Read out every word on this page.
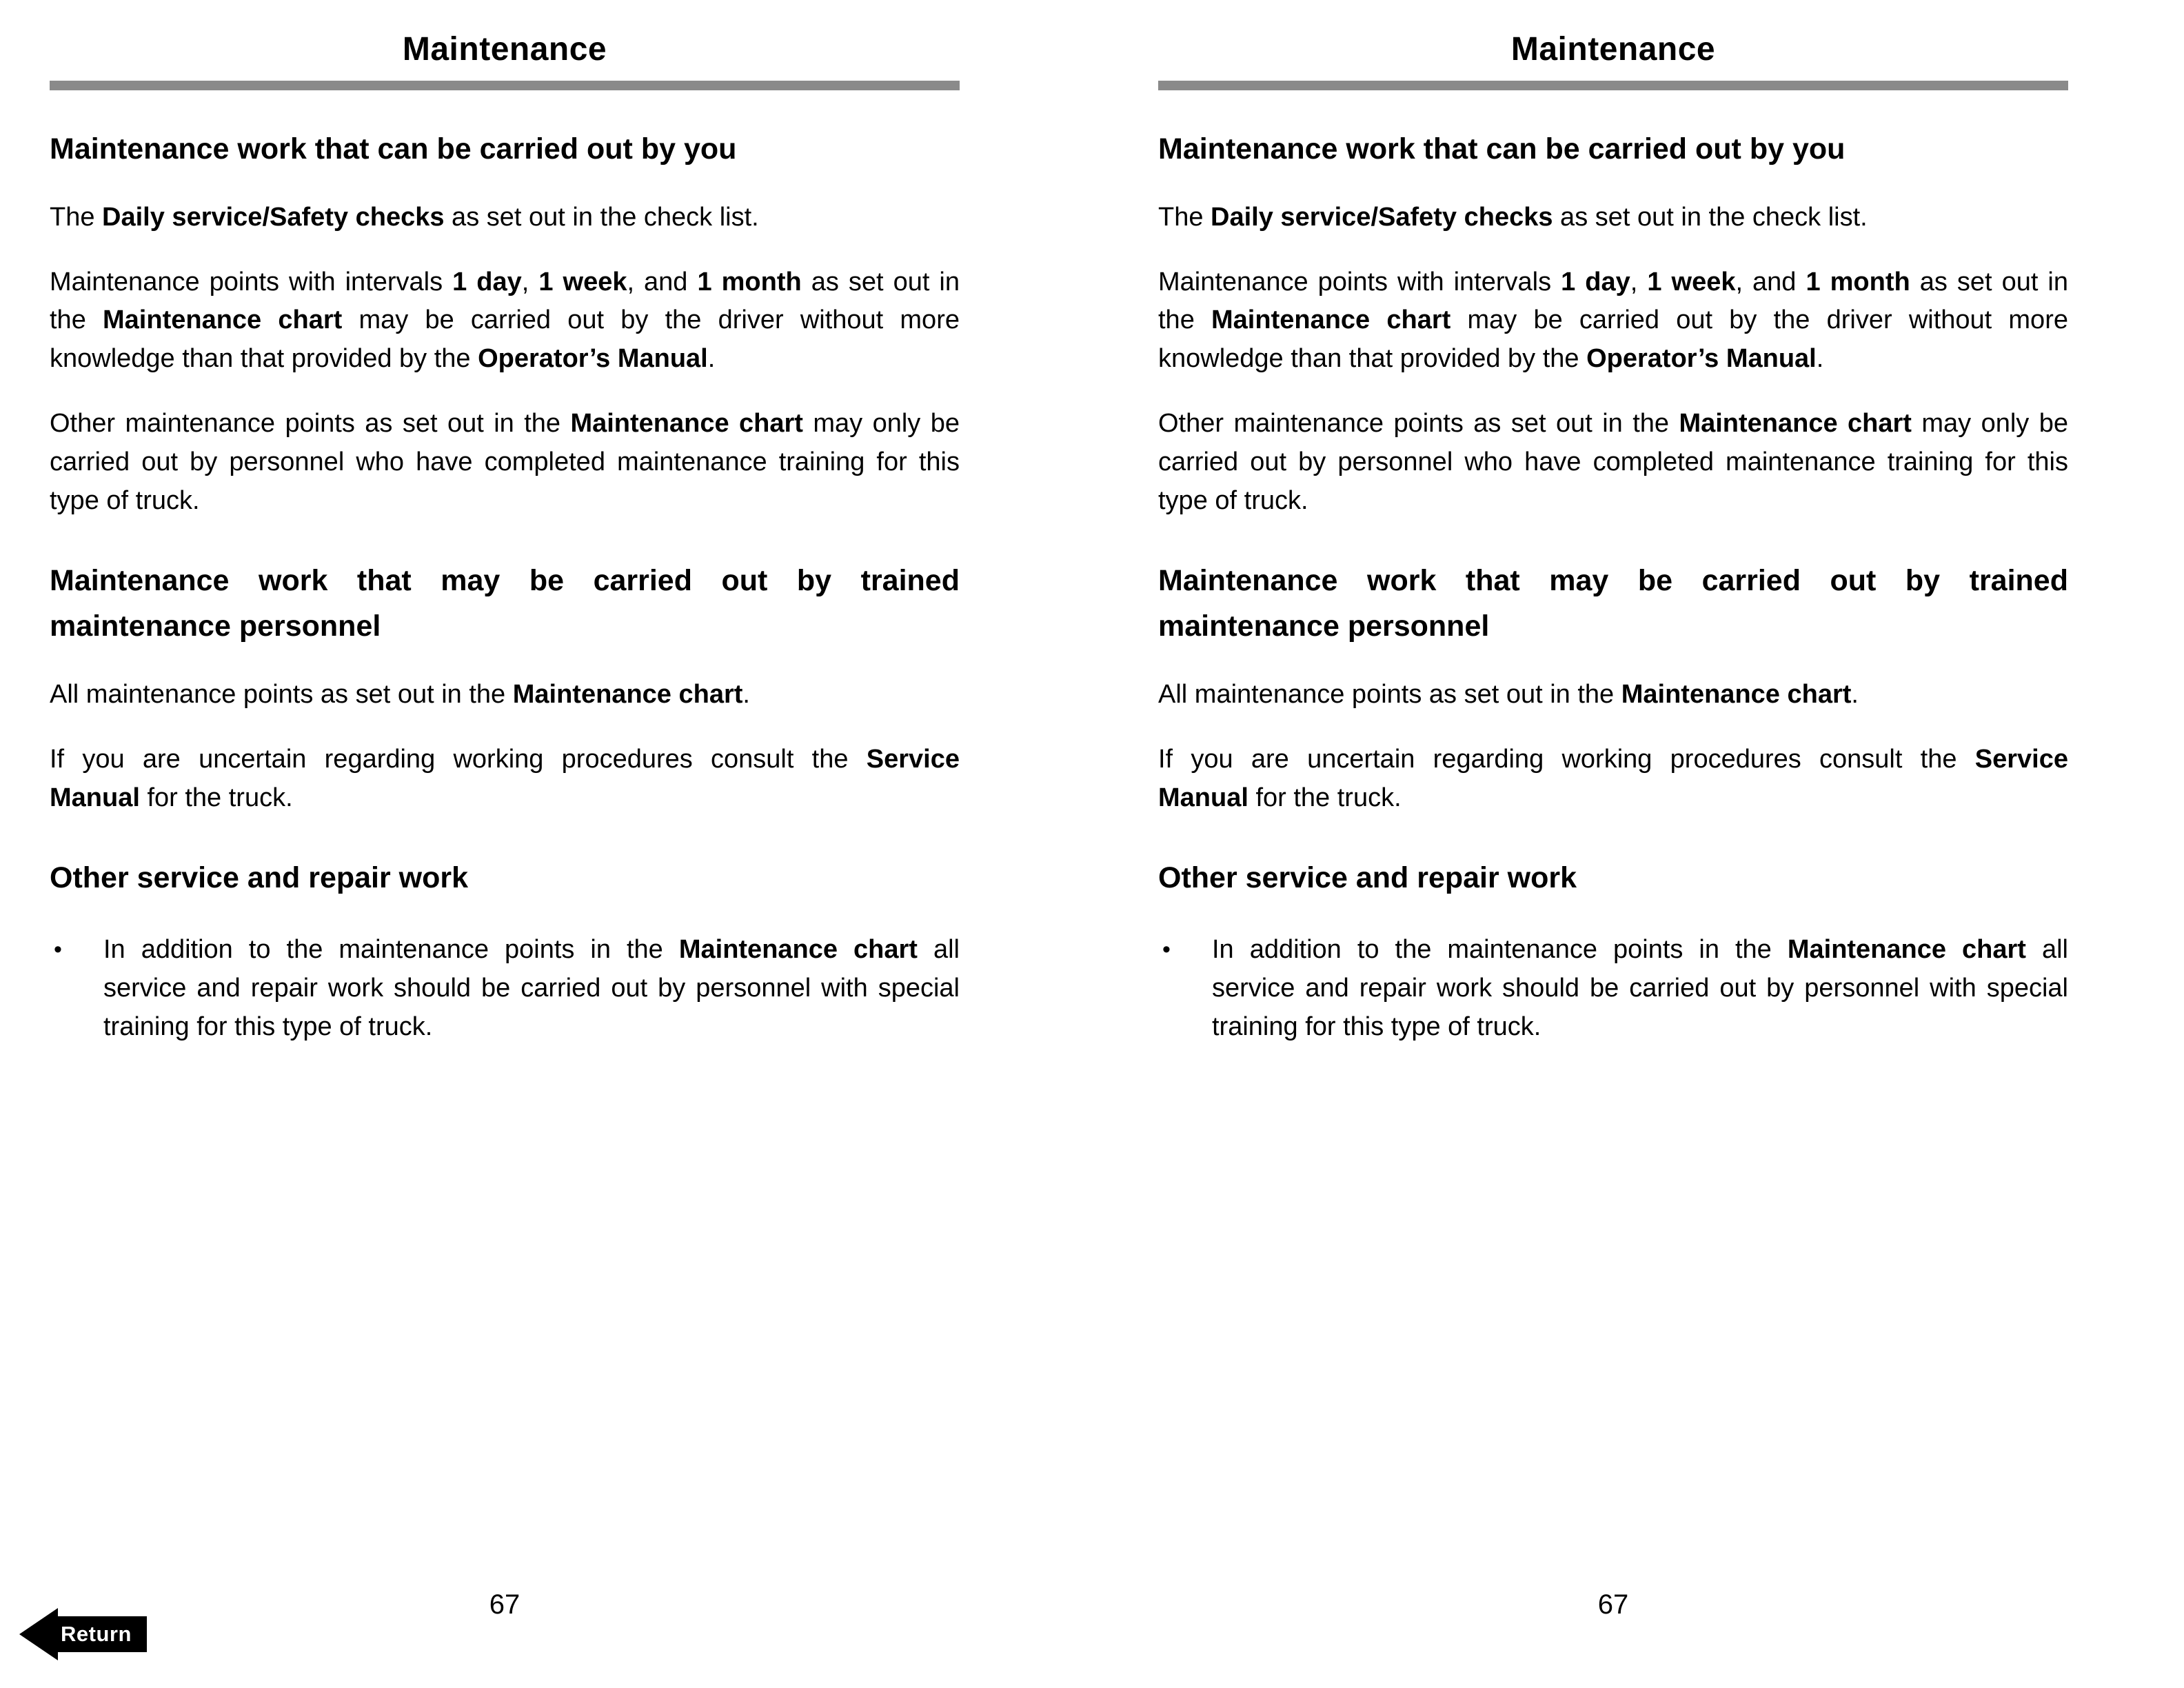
Maintenance
Maintenance work that can be carried out by you

The Daily service/Safety checks as set out in the check list.

Maintenance points with intervals 1 day, 1 week, and 1 month as set out in the Maintenance chart may be carried out by the driver without more knowledge than that provided by the Operator’s Manual.

Other maintenance points as set out in the Maintenance chart may only be carried out by personnel who have completed maintenance training for this type of truck.

Maintenance work that may be carried out by trained maintenance personnel

All maintenance points as set out in the Maintenance chart.

If you are uncertain regarding working procedures consult the Service Manual for the truck.

Other service and repair work
•	In addition to the maintenance points in the Maintenance chart all service and repair work should be carried out by personnel with special training for this type of truck.

67
Maintenance
Maintenance work that can be carried out by you

The Daily service/Safety checks as set out in the check list.

Maintenance points with intervals 1 day, 1 week, and 1 month as set out in the Maintenance chart may be carried out by the driver without more knowledge than that provided by the Operator’s Manual.

Other maintenance points as set out in the Maintenance chart may only be carried out by personnel who have completed maintenance training for this type of truck.

Maintenance work that may be carried out by trained maintenance personnel

All maintenance points as set out in the Maintenance chart.

If you are uncertain regarding working procedures consult the Service Manual for the truck.

Other service and repair work
•	In addition to the maintenance points in the Maintenance chart all service and repair work should be carried out by personnel with special training for this type of truck.

67
Return
